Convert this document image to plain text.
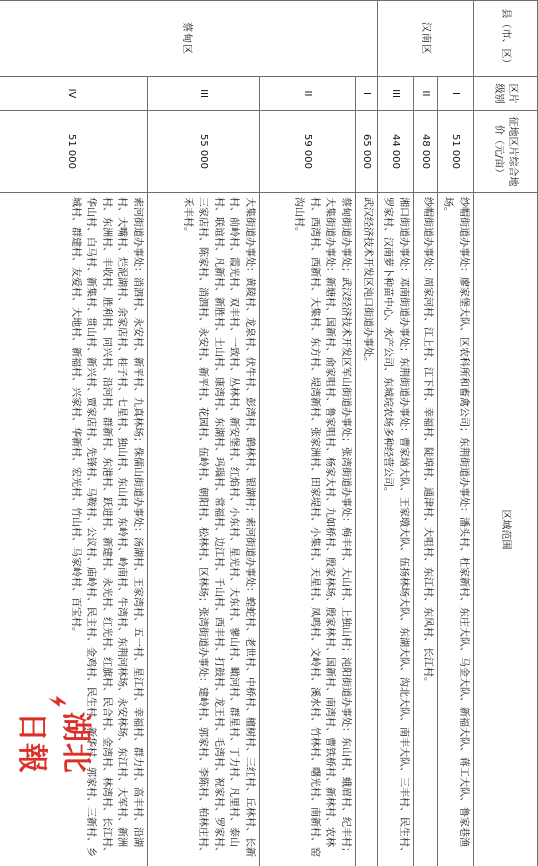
县（市、区）	区片级别	征地区片综合地价（元/亩）	区域范围
汉南区	I	51 000	纱帽街道办事处：廖家堡大队、区农科所和畜禽公司；东荆街道办事处：潘头村、杜家新村、东庄大队、马金大队、新福大队、蒋工大队、鲁家巷渔场。
	II	48 000	纱帽街道办事处：周家河村、江上村、江下村、幸福村、陡埠村、通津村、大咀村、东江村、东风村、长江村。
	III	44 000	湘口街道办事处：邓南街道办事处；东荆街道办事处：曹家垴大队、王家墩大队、伍扬林场大队、东湖大队、沟北大队、南丰大队、三丰村、民生村、罗家村、汉南萝卜种苗中心、水产公司、东城垸农场多种经营公司。
蔡甸区	I	65 000	武汉经济技术开发区沌口街道办事处。
	II	59 000	蔡甸街道办事处；武汉经济技术开发区军山街道办事处；张湾街道办事处：梅丰村、大山村、上独山村；沌阳街道办事处：东山村、蛾眉村、纪丰村；大集街道办事处：新塘村、国新村、俞家咀村、鲁家咀村、杨家大村、九如桥村、殷家林场、殷家林村、国新村、南湾村、曹铁桥村、新林村、农林村、西湾村、西新村、大集村、东方村、堤湾新村、张家洲村、田家堤村、小集村、天星村、凤鸣村、文岭村、溪水村、竹林村、曙光村、南新村、窑沟山村。
	III	55 000	大集街道办事处：黄陵村、龙泉村、伏牛村、彭湾村、鹤林村、银湖村；索河街道办事处：蝗蛇村、老世村、中桥村、檀树村、三红村、丘林村、长新村、前岭村、霞光村、双丰村、一致村、丛林村、新安堡村、红焰村、小东村、星光村、大东村、蓼山村、瞰河村、群星村、丁力村、凡里村、泰山村、联谊村、凡新村、新胜村、土山村、康湾村、东湖村、玛瑙村、常福村、边江村、千山村、西丰村、打鼓村、龙王村、毛湾村、祝家村、罗家村、三家店村、陈家村、消泗村、永安村、新平村、花园村、伍岭村、朝阳村、松林村、区林场；张湾街道办事处：建岭村、郭家村、李陈村、柏林庄村、禾丰村。
	IV	51 000	索河街道办事处：消泗村、永安村、新平村、九真林场；侏儒山街道办事处：汤湖村、王家湾村、五一村、星江村、幸福村、群力村、高丰村、沿湖村、大嘴村、烂泥湖村、余家店村、桂子村、七星村、独山村、东山村、东岭村、岭南村、牛湾村、东荆河林场、永安林场、东江村、大军村、新洲村、东洲村、丰收村、胜利村、同兴村、沿河村、群新村、东港村、跃进村、新建村、永光村、红光村、红旗村、民合村、金湾村、林湾村、长江村、华山村、白马村、新集村、贯山村、新兴村、贾家店村、先锋村、马鞍村、公议村、庙岭村、民主村、金鸡村、民生村、新华村、郭家村、三新村、乡城村、群建村、友爱村、大地村、新福村、兴家村、华新村、宏光村、竹山村、马家岭村、百宝村。
湖北日報
